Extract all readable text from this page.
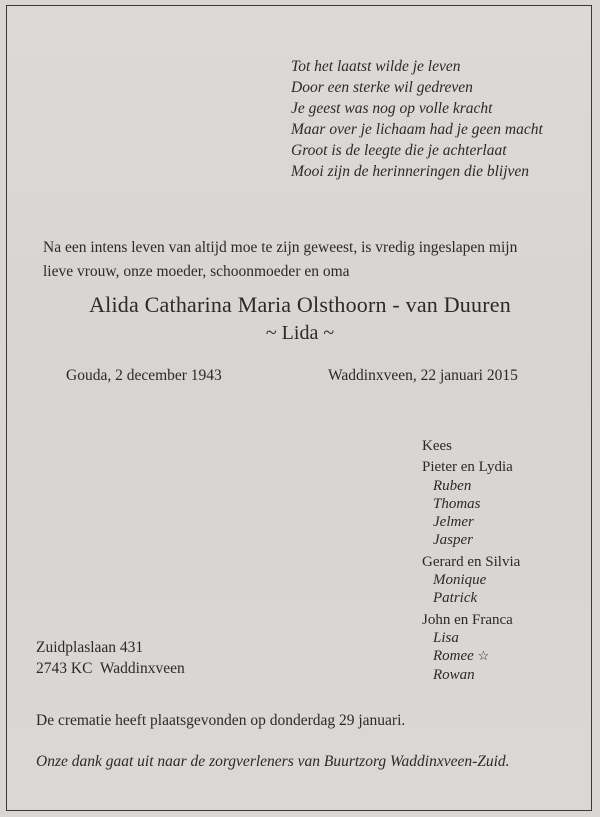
Tot het laatst wilde je leven
Door een sterke wil gedreven
Je geest was nog op volle kracht
Maar over je lichaam had je geen macht
Groot is de leegte die je achterlaat
Mooi zijn de herinneringen die blijven
Na een intens leven van altijd moe te zijn geweest, is vredig ingeslapen mijn
lieve vrouw, onze moeder, schoonmoeder en oma
Alida Catharina Maria Olsthoorn - van Duuren
~ Lida ~
Gouda, 2 december 1943	Waddinxveen, 22 januari 2015
Kees
Pieter en Lydia
Ruben
Thomas
Jelmer
Jasper
Gerard en Silvia
Monique
Patrick
John en Franca
Lisa
Romee ☆
Rowan
Zuidplaslaan 431
2743 KC  Waddinxveen
De crematie heeft plaatsgevonden op donderdag 29 januari.
Onze dank gaat uit naar de zorgverleners van Buurtzorg Waddinxveen-Zuid.
